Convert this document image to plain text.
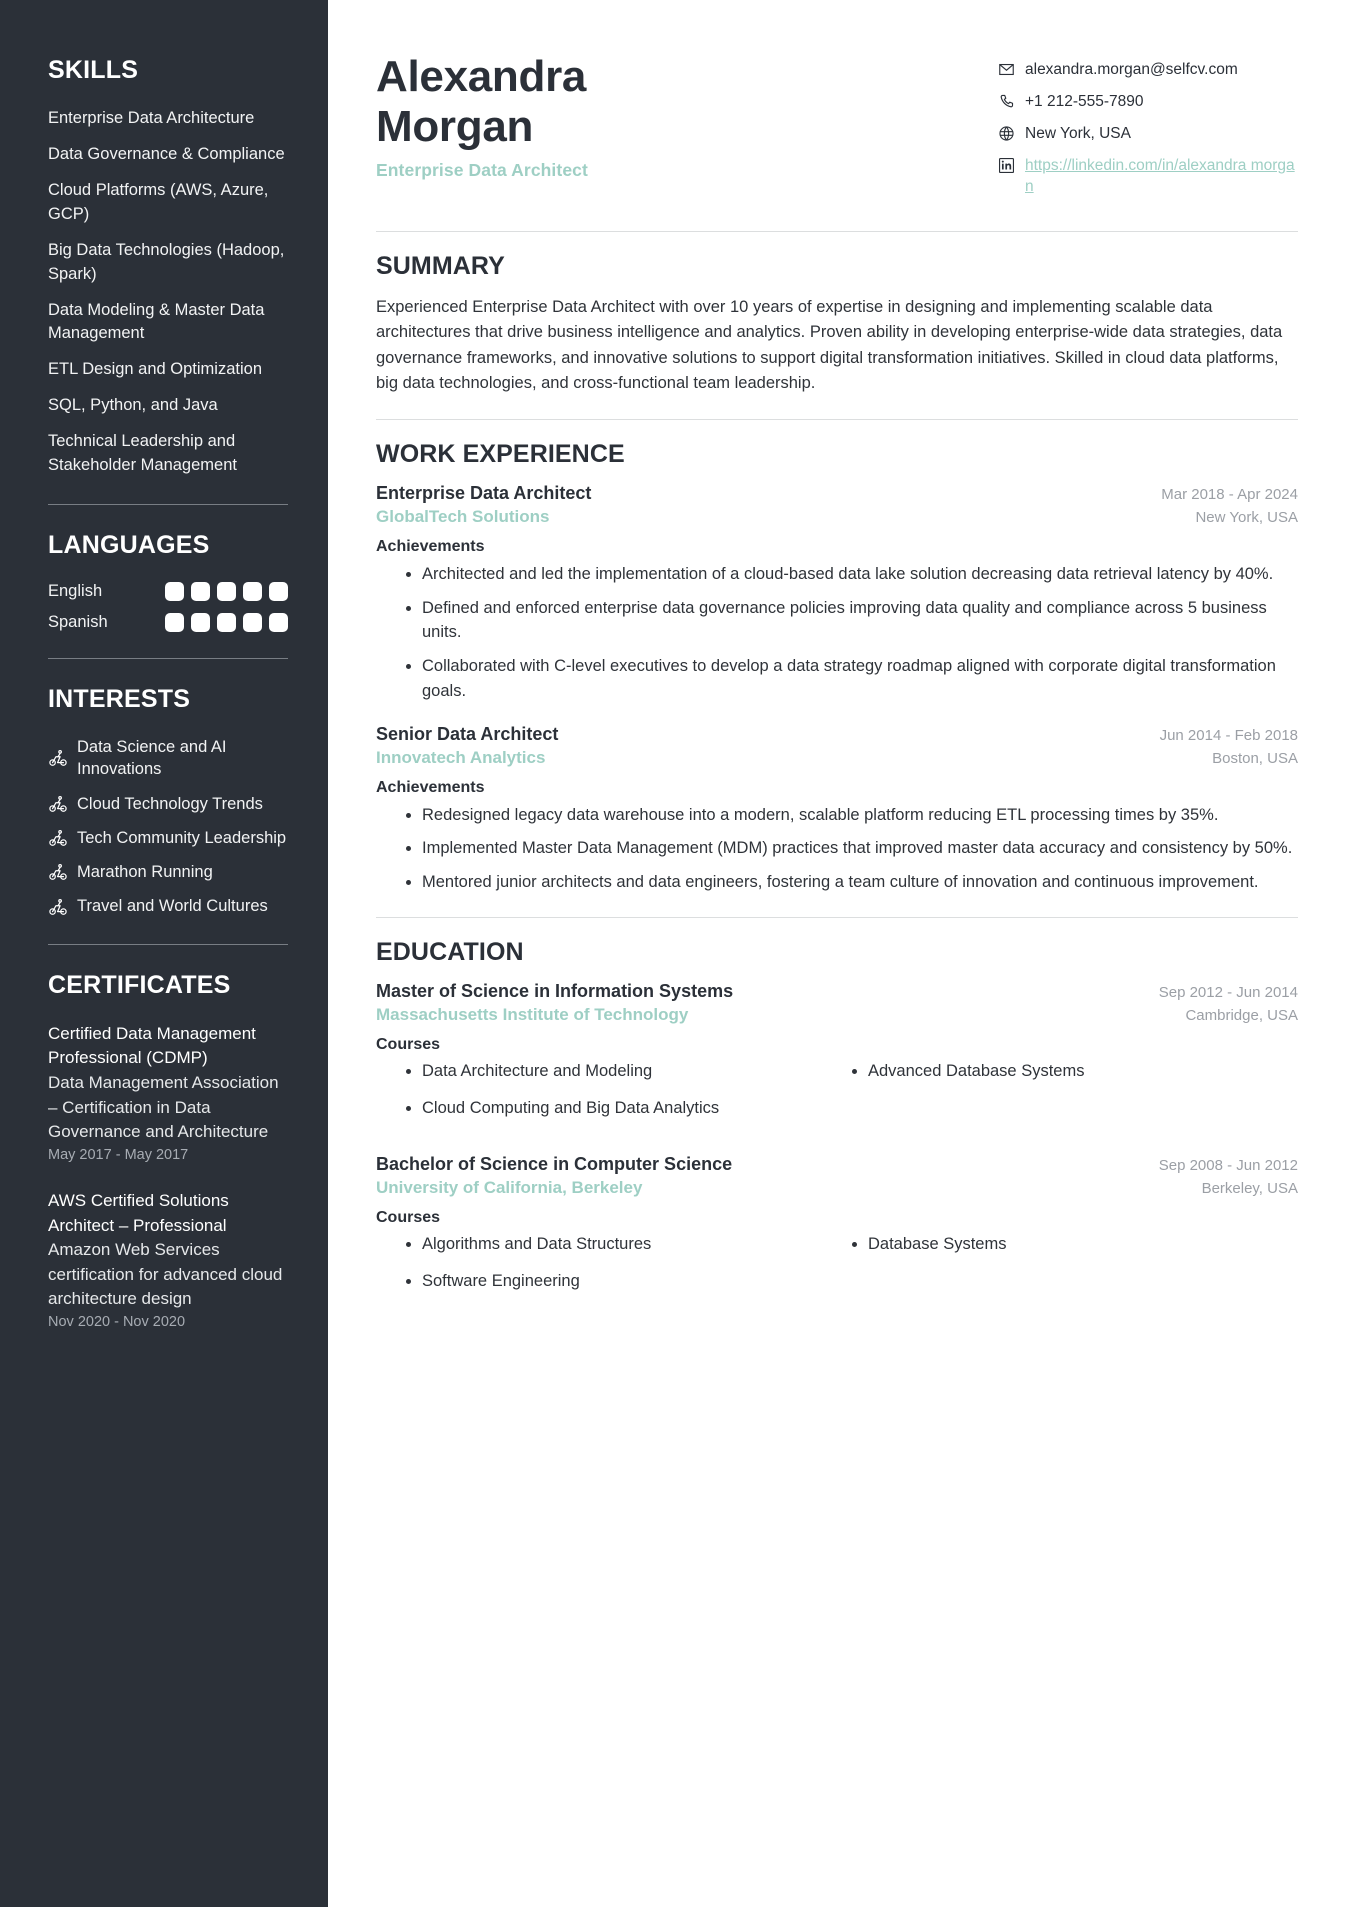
SKILLS
Enterprise Data Architecture
Data Governance & Compliance
Cloud Platforms (AWS, Azure, GCP)
Big Data Technologies (Hadoop, Spark)
Data Modeling & Master Data Management
ETL Design and Optimization
SQL, Python, and Java
Technical Leadership and Stakeholder Management
LANGUAGES
English
Spanish
INTERESTS
Data Science and AI Innovations
Cloud Technology Trends
Tech Community Leadership
Marathon Running
Travel and World Cultures
CERTIFICATES
Certified Data Management Professional (CDMP)
Data Management Association – Certification in Data Governance and Architecture
May 2017 - May 2017
AWS Certified Solutions Architect – Professional
Amazon Web Services certification for advanced cloud architecture design
Nov 2020 - Nov 2020
Alexandra Morgan
Enterprise Data Architect
alexandra.morgan@selfcv.com
+1 212-555-7890
New York, USA
https://linkedin.com/in/alexandra morgan
SUMMARY

Experienced Enterprise Data Architect with over 10 years of expertise in designing and implementing scalable data architectures that drive business intelligence and analytics. Proven ability in developing enterprise-wide data strategies, data governance frameworks, and innovative solutions to support digital transformation initiatives. Skilled in cloud data platforms, big data technologies, and cross-functional team leadership.

WORK EXPERIENCE
Enterprise Data Architect	Mar 2018 - Apr 2024
GlobalTech Solutions	New York, USA
Achievements
Architected and led the implementation of a cloud-based data lake solution decreasing data retrieval latency by 40%.
Defined and enforced enterprise data governance policies improving data quality and compliance across 5 business units.
Collaborated with C-level executives to develop a data strategy roadmap aligned with corporate digital transformation goals.
Senior Data Architect	Jun 2014 - Feb 2018
Innovatech Analytics	Boston, USA
Achievements
Redesigned legacy data warehouse into a modern, scalable platform reducing ETL processing times by 35%.
Implemented Master Data Management (MDM) practices that improved master data accuracy and consistency by 50%.
Mentored junior architects and data engineers, fostering a team culture of innovation and continuous improvement.
EDUCATION
Master of Science in Information Systems	Sep 2012 - Jun 2014
Massachusetts Institute of Technology	Cambridge, USA
Courses
Data Architecture and Modeling	Advanced Database Systems
Cloud Computing and Big Data Analytics
Bachelor of Science in Computer Science	Sep 2008 - Jun 2012
University of California, Berkeley	Berkeley, USA
Courses
Algorithms and Data Structures	Database Systems
Software Engineering
